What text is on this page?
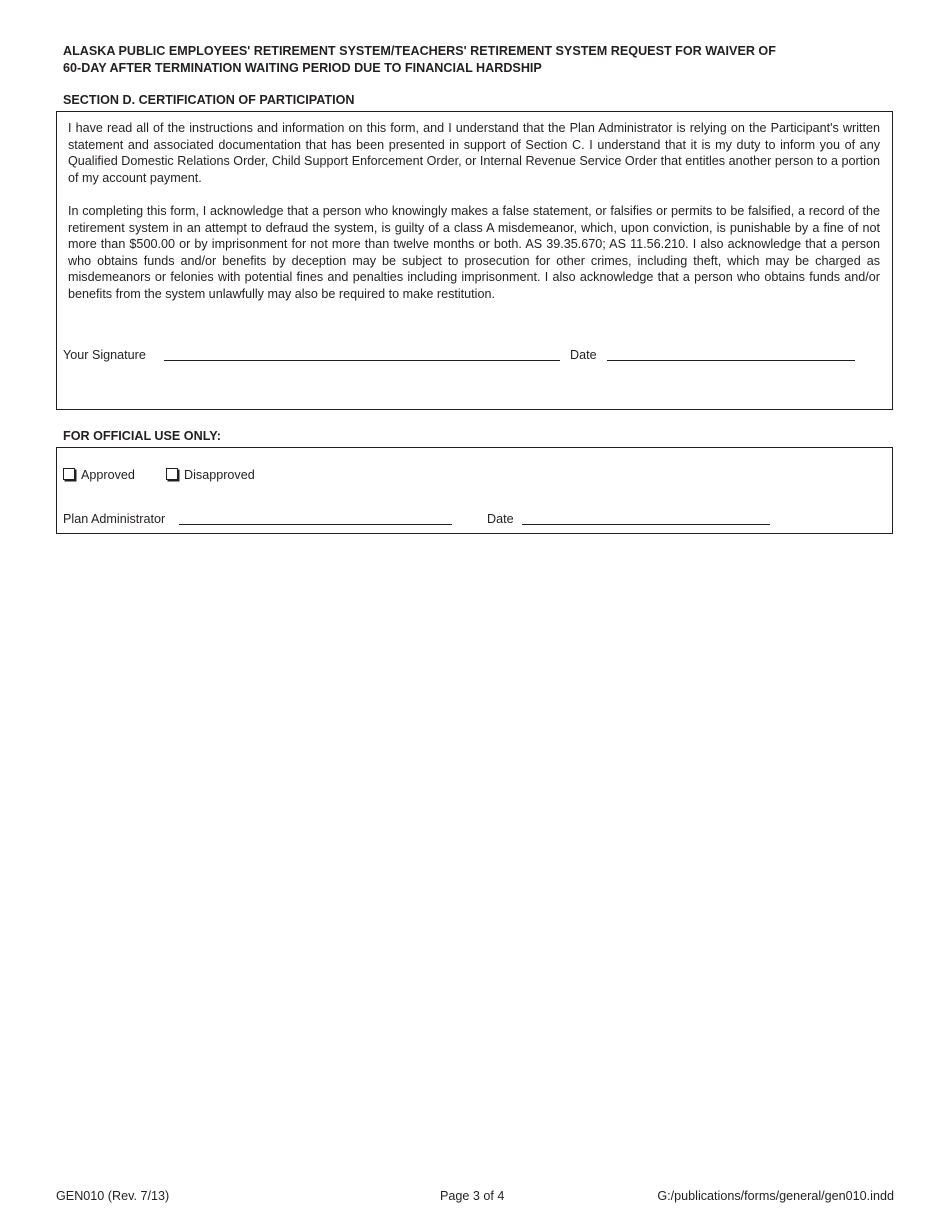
ALASKA PUBLIC EMPLOYEES' RETIREMENT SYSTEM/TEACHERS' RETIREMENT SYSTEM REQUEST FOR WAIVER OF
60-DAY AFTER TERMINATION WAITING PERIOD DUE TO FINANCIAL HARDSHIP
SECTION D. CERTIFICATION OF PARTICIPATION

I have read all of the instructions and information on this form, and I understand that the Plan Administrator is relying on the Participant's written statement and associated documentation that has been presented in support of Section C. I understand that it is my duty to inform you of any Qualified Domestic Relations Order, Child Support Enforcement Order, or Internal Revenue Service Order that entitles another person to a portion of my account payment.

In completing this form, I acknowledge that a person who knowingly makes a false statement, or falsifies or permits to be falsified, a record of the retirement system in an attempt to defraud the system, is guilty of a class A misdemeanor, which, upon conviction, is punishable by a fine of not more than $500.00 or by imprisonment for not more than twelve months or both. AS 39.35.670; AS 11.56.210. I also acknowledge that a person who obtains funds and/or benefits by deception may be subject to prosecution for other crimes, including theft, which may be charged as misdemeanors or felonies with potential fines and penalties including imprisonment. I also acknowledge that a person who obtains funds and/or benefits from the system unlawfully may also be required to make restitution.

Your Signature	Date
FOR OFFICIAL USE ONLY:
Approved	Disapproved
Plan Administrator	Date
GEN010 (Rev. 7/13)	Page 3 of 4	G:/publications/forms/general/gen010.indd
